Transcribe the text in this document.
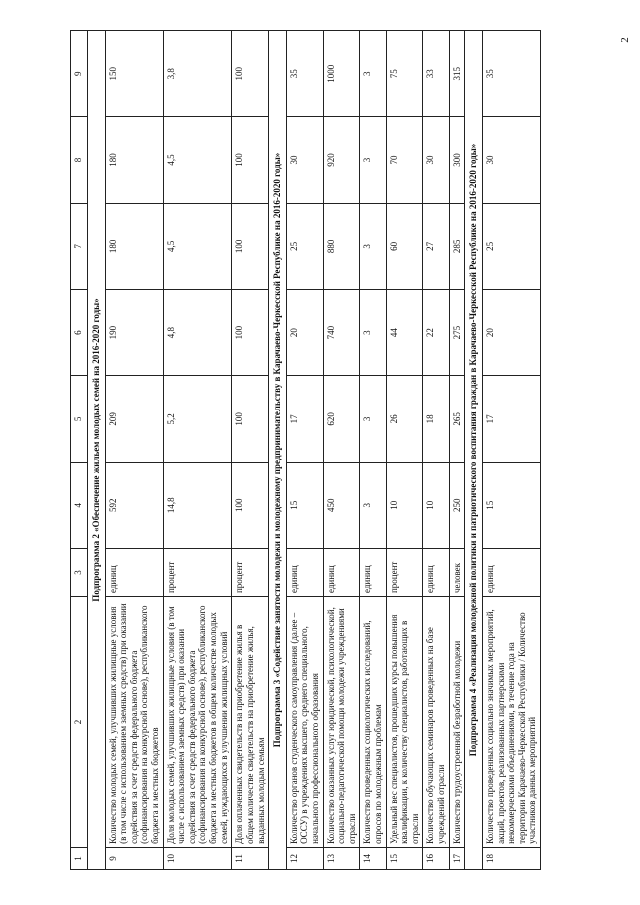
2
1	2	3	4	5	6	7	8	9
Подпрограмма 2 «Обеспечение жильем молодых семей на 2016-2020 годы»								
9	Количество молодых семей, улучшивших жилищные условия (в том числе с использованием заемных средств) при оказании содействия за счет средств федерального бюджета (софинансирования на конкурсной основе), республиканского бюджета и местных бюджетов	единиц	592	209	190	180	180	150
10	Доля молодых семей, улучшивших жилищные условия (в том числе с использованием заемных средств) при оказании содействия за счет средств федерального бюджета (софинансирования на конкурсной основе), республиканского бюджета и местных бюджетов в общем количестве молодых семей, нуждающихся в улучшении жилищных условий	процент	14,8	5,2	4,8	4,5	4,5	3,8
11	Доля оплаченных свидетельств на приобретение жилья в общем количестве свидетельств на приобретение жилья, выданных молодым семьям	процент	100	100	100	100	100	100
Подпрограмма 3 «Содействие занятости молодежи и молодежному предпринимательству в Карачаево-Черкесской Республике на 2016-2020 годы»								
12	Количество органов студенческого самоуправления (далее – ОССУ) в учреждениях высшего, среднего специального, начального профессионального образования	единиц	15	17	20	25	30	35
13	Количество оказанных услуг юридической, психологической, социально-педагогической помощи молодежи учреждениями отрасли	единиц	450	620	740	880	920	1000
14	Количество проведенных социологических исследований, опросов по молодежным проблемам	единиц	3	3	3	3	3	3
15	Удельный вес специалистов, прошедших курсы повышения квалификации, к количеству специалистов, работающих в отрасли	процент	10	26	44	60	70	75
16	Количество обучающих семинаров проведенных на базе учреждений отрасли	единиц	10	18	22	27	30	33
17	Количество трудоустроенной безработной молодежи	человек	250	265	275	285	300	315
Подпрограмма 4 «Реализация молодежной политики и патриотического воспитания граждан в Карачаево-Черкесской Республике на 2016-2020 годы»								
18	Количество проведенных социально значимых мероприятий, акций, проектов, реализованных партнерскими некоммерческими объединениями, в течение года на территории Карачаево-Черкесской Республики / Количество участников данных мероприятий	единиц	15	17	20	25	30	35
